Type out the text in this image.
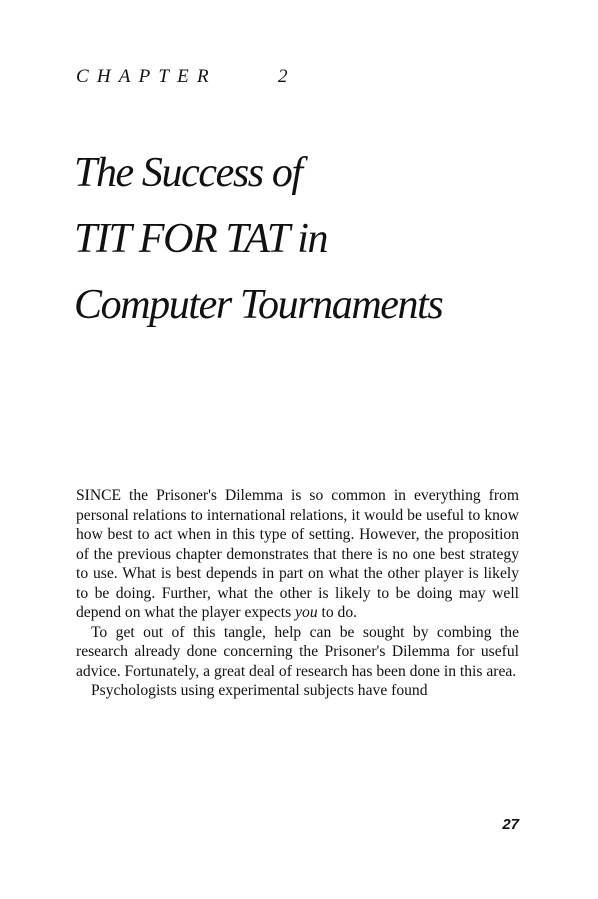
CHAPTER	2
The Success of
TIT FOR TAT in
Computer Tournaments

SINCE the Prisoner's Dilemma is so common in everything from personal relations to international relations, it would be useful to know how best to act when in this type of setting. However, the proposition of the previous chapter demonstrates that there is no one best strategy to use. What is best depends in part on what the other player is likely to be doing. Further, what the other is likely to be doing may well depend on what the player expects you to do.

To get out of this tangle, help can be sought by combing the research already done concerning the Prisoner's Dilemma for useful advice. Fortunately, a great deal of research has been done in this area.

Psychologists using experimental subjects have found

27
